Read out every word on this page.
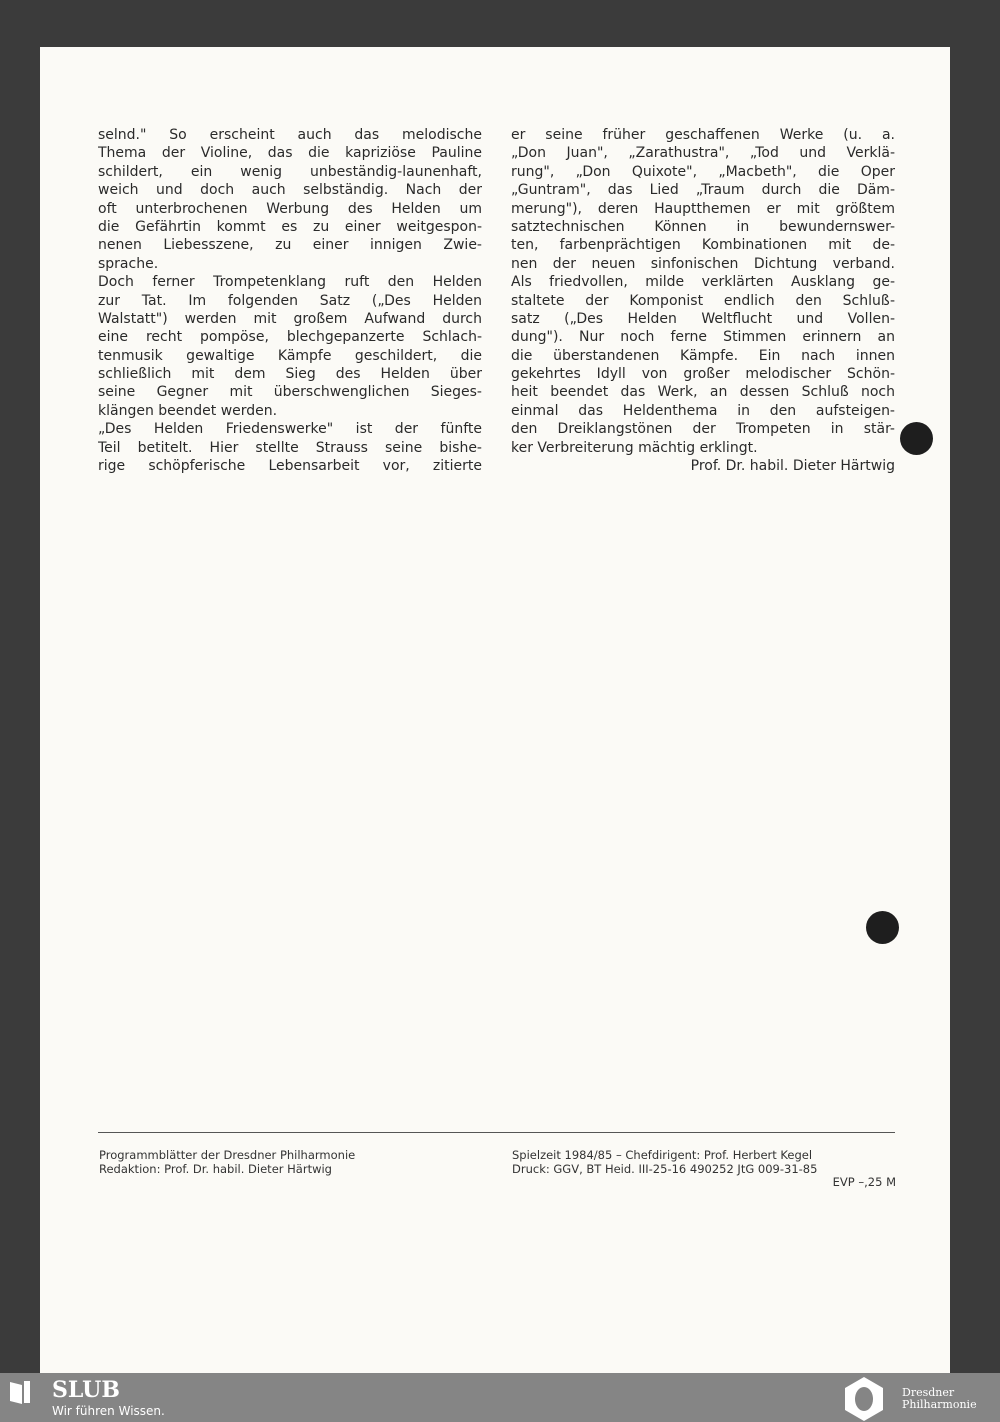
selnd." So erscheint auch das melodische
Thema der Violine, das die kapriziöse Pauline
schildert, ein wenig unbeständig-launenhaft,
weich und doch auch selbständig. Nach der
oft unterbrochenen Werbung des Helden um
die Gefährtin kommt es zu einer weitgespon-
nenen Liebesszene, zu einer innigen Zwie-
sprache.
Doch ferner Trompetenklang ruft den Helden
zur Tat. Im folgenden Satz („Des Helden
Walstatt") werden mit großem Aufwand durch
eine recht pompöse, blechgepanzerte Schlach-
tenmusik gewaltige Kämpfe geschildert, die
schließlich mit dem Sieg des Helden über
seine Gegner mit überschwenglichen Sieges-
klängen beendet werden.
„Des Helden Friedenswerke" ist der fünfte
Teil betitelt. Hier stellte Strauss seine bishe-
rige schöpferische Lebensarbeit vor, zitierte
er seine früher geschaffenen Werke (u. a.
„Don Juan", „Zarathustra", „Tod und Verklä-
rung", „Don Quixote", „Macbeth", die Oper
„Guntram", das Lied „Traum durch die Däm-
merung"), deren Hauptthemen er mit größtem
satztechnischen Können in bewundernswer-
ten, farbenprächtigen Kombinationen mit de-
nen der neuen sinfonischen Dichtung verband.
Als friedvollen, milde verklärten Ausklang ge-
staltete der Komponist endlich den Schluß-
satz („Des Helden Weltflucht und Vollen-
dung"). Nur noch ferne Stimmen erinnern an
die überstandenen Kämpfe. Ein nach innen
gekehrtes Idyll von großer melodischer Schön-
heit beendet das Werk, an dessen Schluß noch
einmal das Heldenthema in den aufsteigen-
den Dreiklangstönen der Trompeten in stär-
ker Verbreiterung mächtig erklingt.
Prof. Dr. habil. Dieter Härtwig
Programmblätter der Dresdner Philharmonie
Redaktion: Prof. Dr. habil. Dieter Härtwig
Spielzeit 1984/85 – Chefdirigent: Prof. Herbert Kegel
Druck: GGV, BT Heid. III-25-16 490252 JtG 009-31-85
EVP –,25 M
SLUB
Wir führen Wissen.
Dresdner
Philharmonie
